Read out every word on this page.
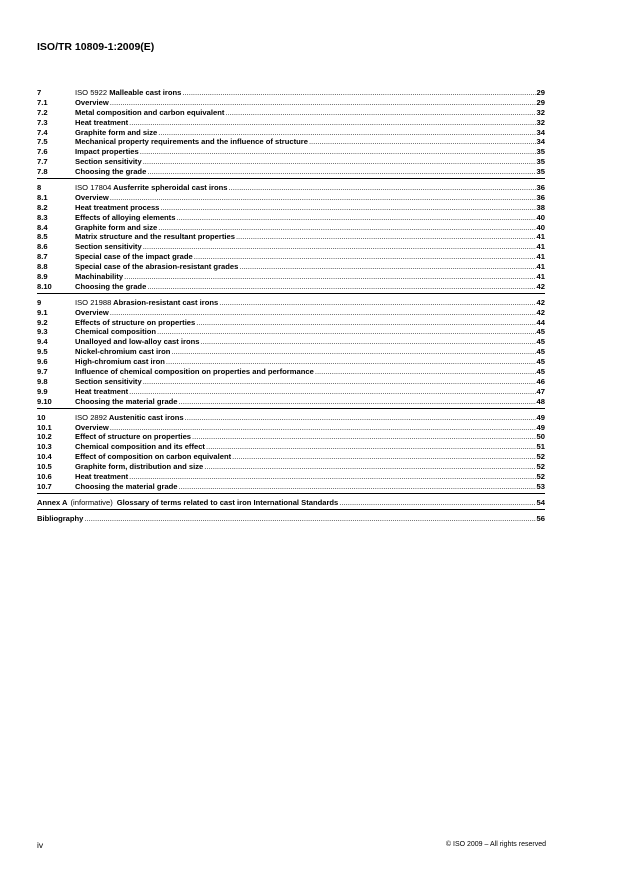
ISO/TR 10809-1:2009(E)
7	ISO 5922 Malleable cast irons .....	29
7.1	Overview .....	29
7.2	Metal composition and carbon equivalent .....	32
7.3	Heat treatment .....	32
7.4	Graphite form and size .....	34
7.5	Mechanical property requirements and the influence of structure .....	34
7.6	Impact properties .....	35
7.7	Section sensitivity .....	35
7.8	Choosing the grade .....	35
8	ISO 17804 Ausferrite spheroidal cast irons .....	36
8.1	Overview .....	36
8.2	Heat treatment process .....	38
8.3	Effects of alloying elements .....	40
8.4	Graphite form and size .....	40
8.5	Matrix structure and the resultant properties .....	41
8.6	Section sensitivity .....	41
8.7	Special case of the impact grade .....	41
8.8	Special case of the abrasion-resistant grades .....	41
8.9	Machinability .....	41
8.10	Choosing the grade .....	42
9	ISO 21988 Abrasion-resistant cast irons .....	42
9.1	Overview .....	42
9.2	Effects of structure on properties .....	44
9.3	Chemical composition .....	45
9.4	Unalloyed and low-alloy cast irons .....	45
9.5	Nickel-chromium cast iron .....	45
9.6	High-chromium cast iron .....	45
9.7	Influence of chemical composition on properties and performance .....	45
9.8	Section sensitivity .....	46
9.9	Heat treatment .....	47
9.10	Choosing the material grade .....	48
10	ISO 2892 Austenitic cast irons .....	49
10.1	Overview .....	49
10.2	Effect of structure on properties .....	50
10.3	Chemical composition and its effect .....	51
10.4	Effect of composition on carbon equivalent .....	52
10.5	Graphite form, distribution and size .....	52
10.6	Heat treatment .....	52
10.7	Choosing the material grade .....	53
Annex A (informative) Glossary of terms related to cast iron International Standards .....	54
Bibliography .....	56
iv	© ISO 2009 – All rights reserved
